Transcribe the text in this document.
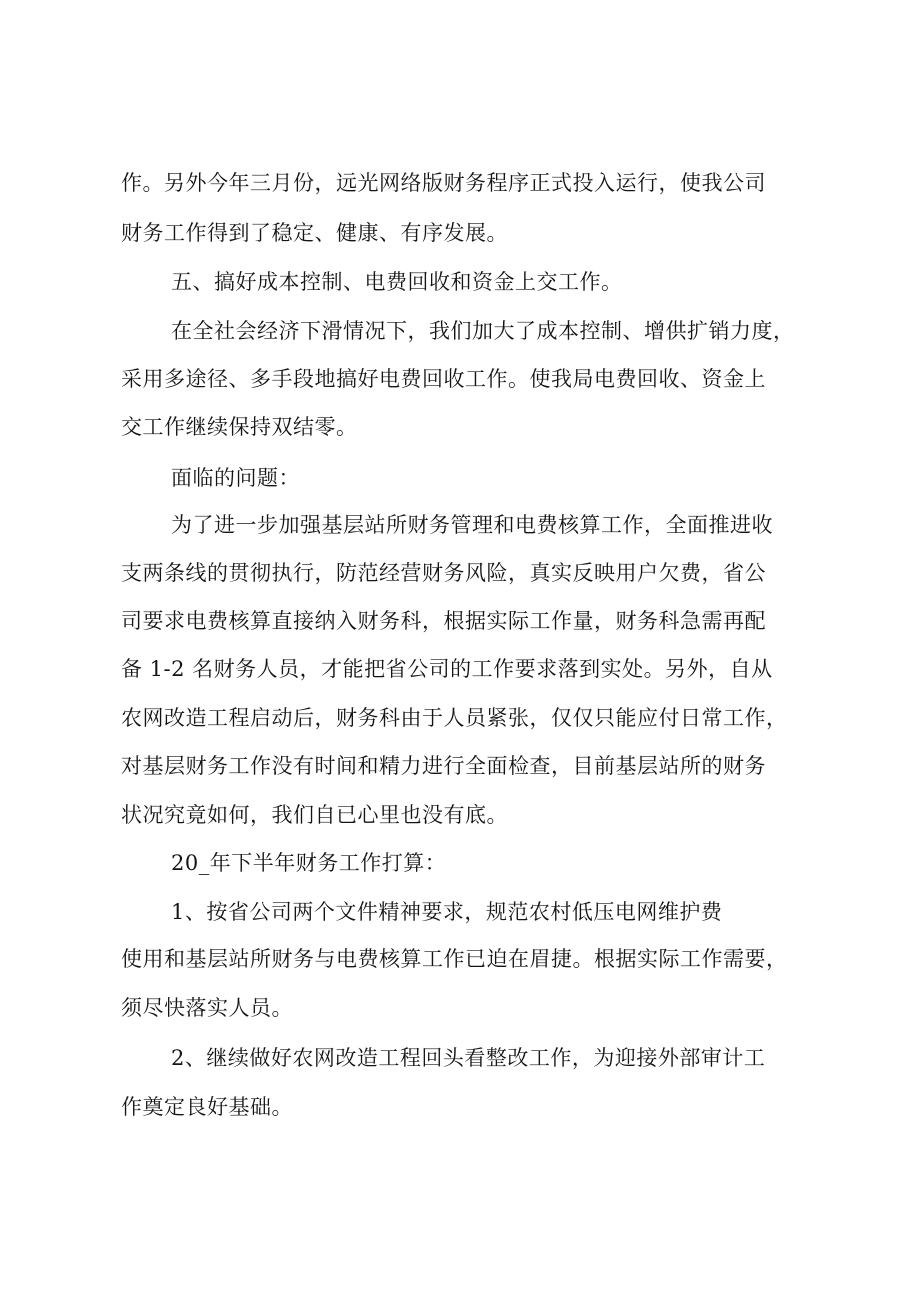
作。另外今年三月份，远光网络版财务程序正式投入运行，使我公司

财务工作得到了稳定、健康、有序发展。

五、搞好成本控制、电费回收和资金上交工作。

在全社会经济下滑情况下，我们加大了成本控制、增供扩销力度，

采用多途径、多手段地搞好电费回收工作。使我局电费回收、资金上

交工作继续保持双结零。

面临的问题：

为了进一步加强基层站所财务管理和电费核算工作，全面推进收

支两条线的贯彻执行，防范经营财务风险，真实反映用户欠费，省公

司要求电费核算直接纳入财务科，根据实际工作量，财务科急需再配

备 1-2 名财务人员，才能把省公司的工作要求落到实处。另外，自从

农网改造工程启动后，财务科由于人员紧张，仅仅只能应付日常工作，

对基层财务工作没有时间和精力进行全面检查，目前基层站所的财务

状况究竟如何，我们自已心里也没有底。

20_年下半年财务工作打算：

1、按省公司两个文件精神要求，规范农村低压电网维护费

使用和基层站所财务与电费核算工作已迫在眉捷。根据实际工作需要，

须尽快落实人员。

2、继续做好农网改造工程回头看整改工作，为迎接外部审计工

作奠定良好基础。
